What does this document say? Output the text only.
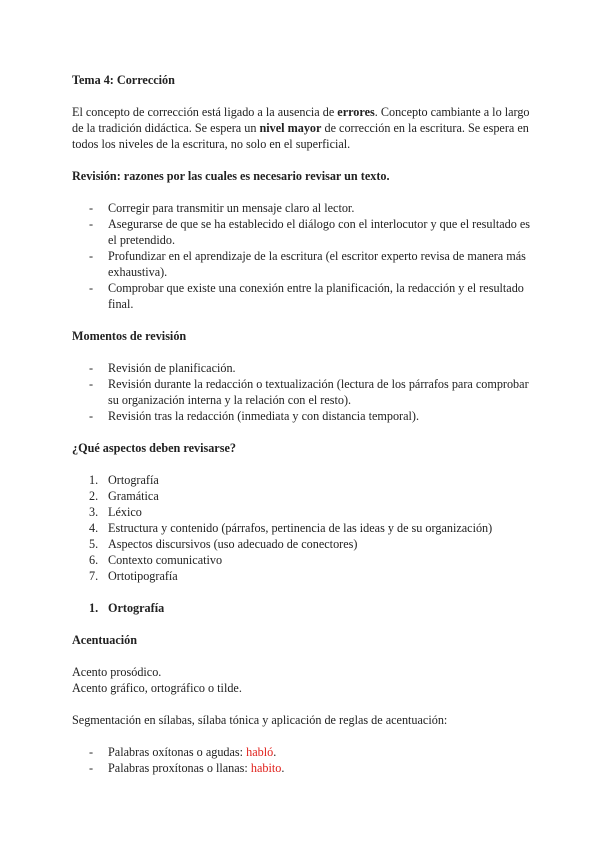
Tema 4: Corrección

El concepto de corrección está ligado a la ausencia de errores. Concepto cambiante a lo largo de la tradición didáctica. Se espera un nivel mayor de corrección en la escritura. Se espera en todos los niveles de la escritura, no solo en el superficial.

Revisión: razones por las cuales es necesario revisar un texto.

- Corregir para transmitir un mensaje claro al lector.
- Asegurarse de que se ha establecido el diálogo con el interlocutor y que el resultado es el pretendido.
- Profundizar en el aprendizaje de la escritura (el escritor experto revisa de manera más exhaustiva).
- Comprobar que existe una conexión entre la planificación, la redacción y el resultado final.

Momentos de revisión

- Revisión de planificación.
- Revisión durante la redacción o textualización (lectura de los párrafos para comprobar su organización interna y la relación con el resto).
- Revisión tras la redacción (inmediata y con distancia temporal).

¿Qué aspectos deben revisarse?

1. Ortografía
2. Gramática
3. Léxico
4. Estructura y contenido (párrafos, pertinencia de las ideas y de su organización)
5. Aspectos discursivos (uso adecuado de conectores)
6. Contexto comunicativo
7. Ortotipografía
1. Ortografía

Acentuación

Acento prosódico.

Acento gráfico, ortográfico o tilde.

Segmentación en sílabas, sílaba tónica y aplicación de reglas de acentuación:

- Palabras oxítonas o agudas: habló.
- Palabras proxítonas o llanas: habito.
